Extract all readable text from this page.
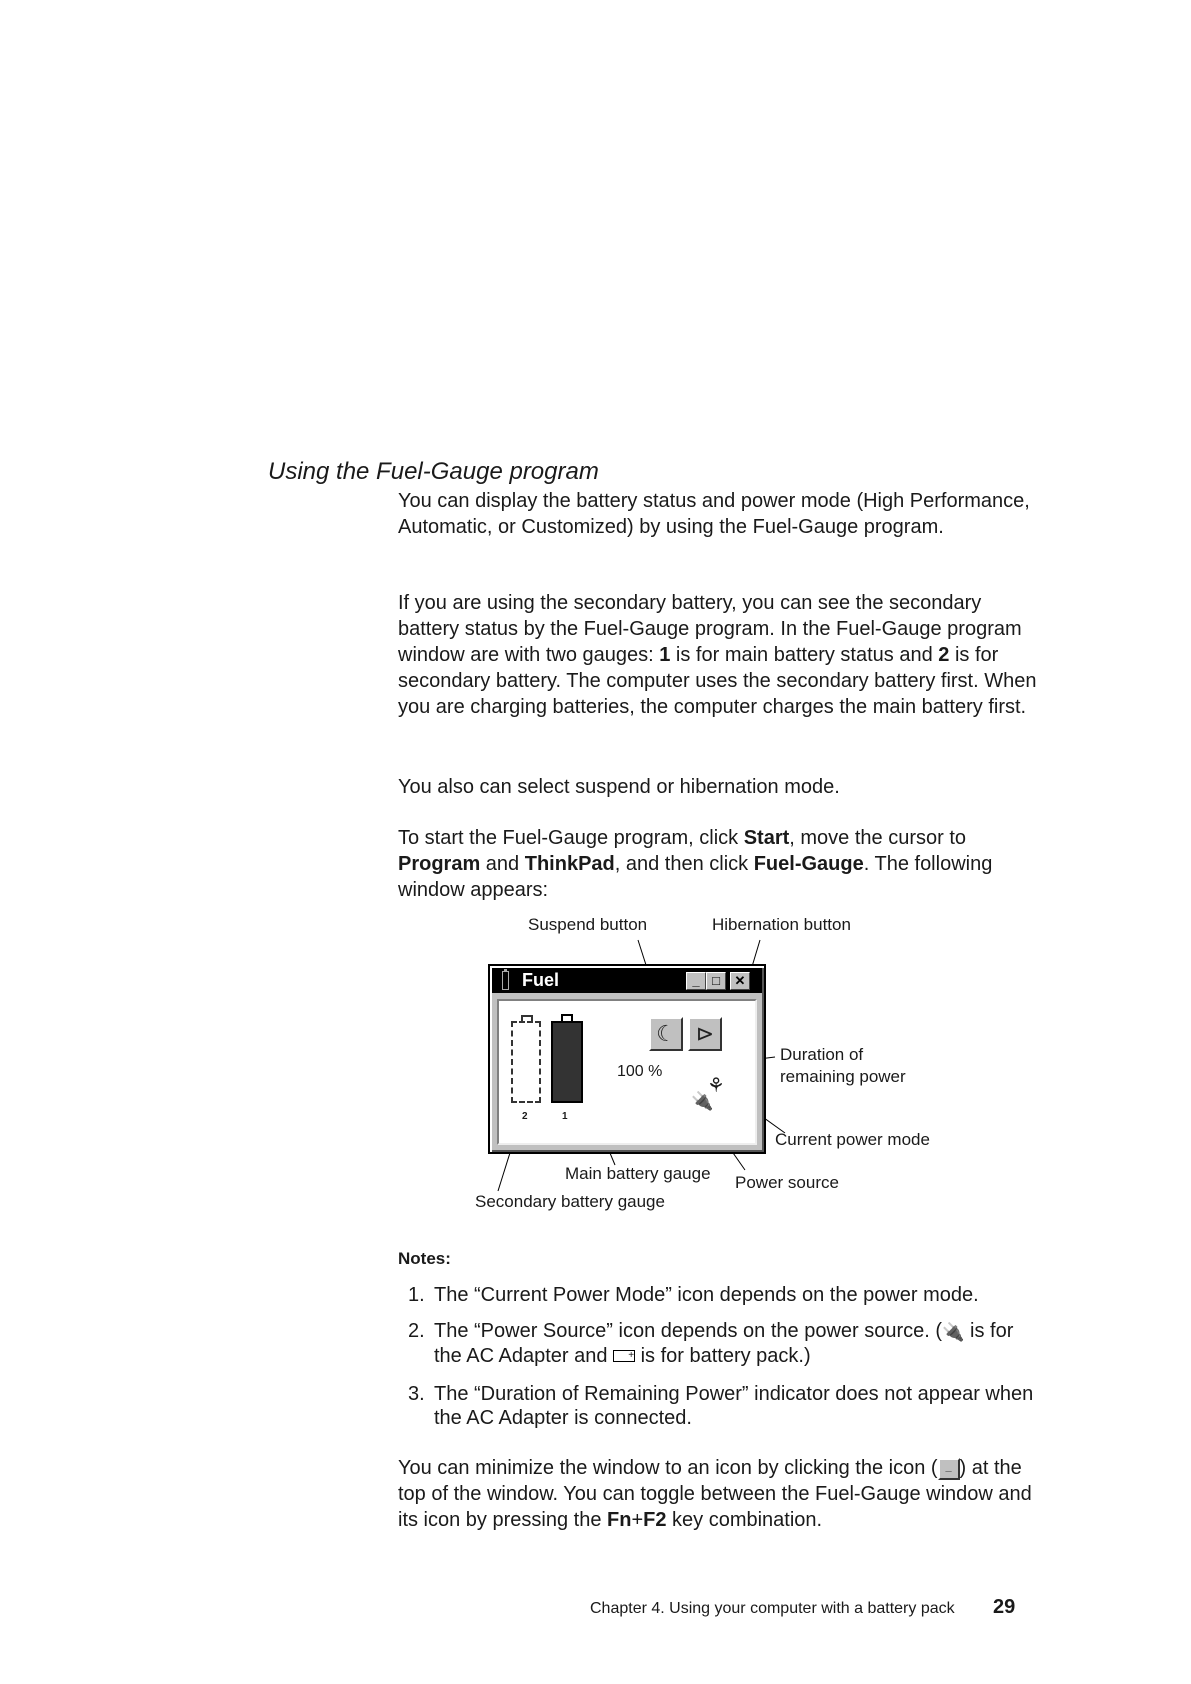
Using the Fuel-Gauge program

You can display the battery status and power mode (High Performance, Automatic, or Customized) by using the Fuel-Gauge program.

If you are using the secondary battery, you can see the secondary battery status by the Fuel-Gauge program. In the Fuel-Gauge program window are with two gauges: 1 is for main battery status and 2 is for secondary battery. The computer uses the secondary battery first. When you are charging batteries, the computer charges the main battery first.

You also can select suspend or hibernation mode.

To start the Fuel-Gauge program, click Start, move the cursor to Program and ThinkPad, and then click Fuel-Gauge. The following window appears:

Suspend button	Hibernation button
Duration of
remaining power
Current power mode
Power source
Main battery gauge
Secondary battery gauge
Fuel	_ □	✕
2	1
☾ ⊳
100 %
⚘
🔌
Notes:
1. The “Current Power Mode” icon depends on the power mode.
2. The “Power Source” icon depends on the power source. (🔌 is for the AC Adapter and + is for battery pack.)
3. The “Duration of Remaining Power” indicator does not appear when the AC Adapter is connected.

You can minimize the window to an icon by clicking the icon ( _ ) at the top of the window. You can toggle between the Fuel-Gauge window and its icon by pressing the Fn+F2 key combination.

Chapter 4. Using your computer with a battery pack 29
